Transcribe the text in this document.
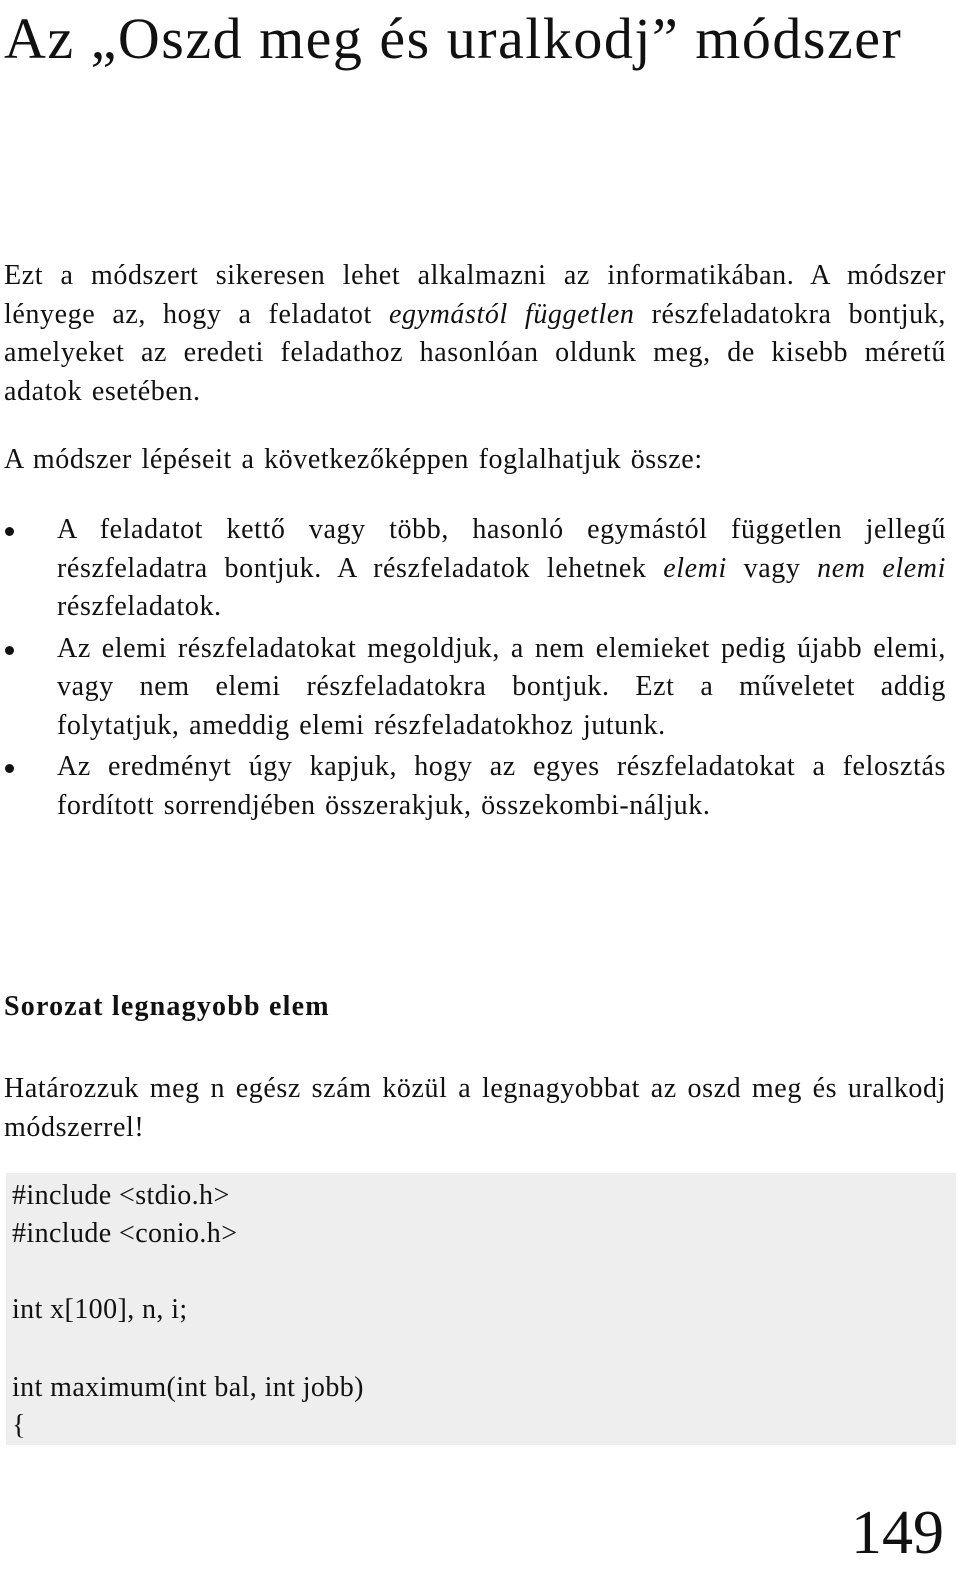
Az „Oszd meg és uralkodj” módszer

Ezt a módszert sikeresen lehet alkalmazni az informatikában. A módszer lényege az, hogy a feladatot egymástól független részfeladatokra bontjuk, amelyeket az eredeti feladathoz hasonlóan oldunk meg, de kisebb méretű adatok esetében.

A módszer lépéseit a következőképpen foglalhatjuk össze:

A feladatot kettő vagy több, hasonló egymástól független jellegű részfeladatra bontjuk. A részfeladatok lehetnek elemi vagy nem elemi részfeladatok.
Az elemi részfeladatokat megoldjuk, a nem elemieket pedig újabb elemi, vagy nem elemi részfeladatokra bontjuk. Ezt a műveletet addig folytatjuk, ameddig elemi részfeladatokhoz jutunk.
Az eredményt úgy kapjuk, hogy az egyes részfeladatokat a felosztás fordított sorrendjében összerakjuk, összekombi-náljuk.
Sorozat legnagyobb elem

Határozzuk meg n egész szám közül a legnagyobbat az oszd meg és uralkodj módszerrel!

#include <stdio.h>
#include <conio.h>
int x[100], n, i;
int maximum(int bal, int jobb)
{
149
